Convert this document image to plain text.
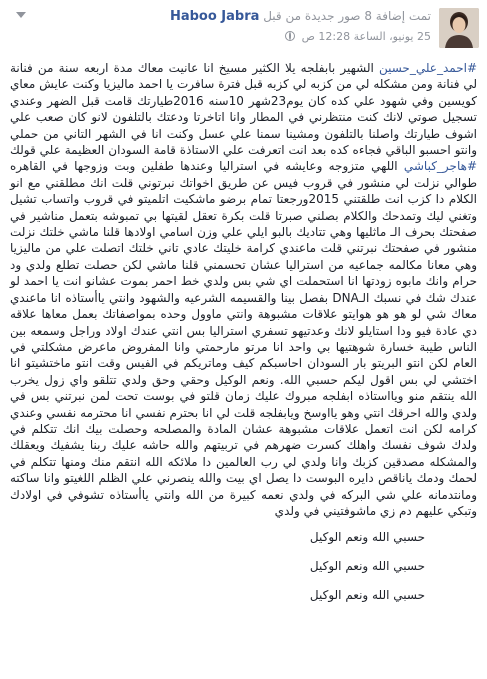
تمت إضافة 8 صور جديدة من قبل Haboo Jabra
25 يونيو، الساعة 12:28 ص

#احمد_علي_حسين الشهير بابفلجه يلا الكثير مسيخ انا عانيت معاك مدة اربعه سنة من فنانة لي فنانة ومن مشكله لي من كزبه لي كزبه قبل فترة سافرت يا احمد ماليزيا وكنت عايش معاي كويسين وفي شهود علي كده كان يوم23شهر 10سنه 2016طيارتك قامت قبل الضهر وعندي تسجيل صوتي لانك كنت منتظرني في المطار وانا اتاخرتا ودعتك بالتلفون لانو كان صعب علي اشوف طيارتك واصلنا بالتلفون ومشينا سمنا علي عسل وكنت انا في الشهر التاني من حملي وانتو احسبو الباقي فجاءه كده بعد انت اتعرفت علي الاستاذة قامة السودان العظيمة علي قولك #هاجر_كباشي اللهي متزوجه وعايشه في استراليا وعندها طفلين وبت وزوجها في القاهره طوالي نزلت لي منشور في قروب فيس عن طريق اخواتك نبرتوني قلت انك مطلقني مع انو الكلام دا كزب انت طلقتني 2015ورجعتا تمام برضو ماشكيت اتلميتو في قروب واتساب تشيل وتغني ليك وتمدحك والكلام بصلني صبرتا قلت بكرة تعقل لقيتها بي تمبوشه بتعمل مناشير في صفحتك بحرف الـ ماثليها وهي تتاديك بالبو ايلي علي وزن اسامي اولادها قلنا ماشي خلتك نزلت منشور في صفحتك نبرتني قلت ماعندي كرامة خليتك عادي تاني خلتك اتصلت علي من ماليزيا وهي معانا مكالمه جماعيه من استراليا عشان تحسمني قلنا ماشي لكن حصلت تطلع ولدي ود حرام وانك مابوه زودتها انا استحملت اي شي بس ولدي خط احمر بموت عشانو انت يا احمد لو عندك شك في نسبك الـDNA بفصل بينا والقسيمه الشرعيه والشهود وانتي ياأستاذه انا ماعندي معاك شي لو هو هو هوايتو علاقات مشبوهة وانتي ماوول وحده بمواصفاتك بعمل معاها علاقه دي عادة فيو ودا استايلو لانك وعدتيهو تسفري استراليا بس انتي عندك اولاد وراجل وسمعه بين الناس طيبة خسارة شوهتيها بي واحد انا مرتو مارحمتي وانا المفروض ماعرض مشكلتي في العام لكن انتو البريتو بار السودان احاسبكم كيف وماتريكم في الفيس وقت انتو ماختشيتو انا اختشي لي بس اقول ليكم حسبي الله. ونعم الوكيل وحقي وحق ولدي تتلقو واي زول يخرب الله ينتقم منو ويااستاذه ابفلجه مبروك عليك زمان قلتو في بوست تحت لمن نبرتني بس في ولدي والله احرقك انتي وهو يااوسخ ويابفلجه قلت لي انا بحترم نفسي انا محترمه نفسي وعندي كرامه لكن انت اتعمل علاقات مشبوهة عشان المادة والمصلحه وحصلت بيك انك تتكلم في ولدك شوف نفسك واهلك كسرت ضهرهم في تربيتهم والله حاشه عليك ربنا يشفيك ويعقلك والمشكله مصدقين كزبك وانا ولدي لي رب العالمين دا ملائكه الله انتقم منك ومنها تتكلم في لحمك ودمك ياناقص دايره البوست دا يصل اي بيت والله ينصرني علي الظلم اللغيتو وانا ساكته ومانتدمانه علي شي البركه في ولدي نعمه كبيرة من الله وانتي ياأستاذه تشوفي في اولادك وتبكي عليهم دم زي ماشوفتيني في ولدي

حسبي الله ونعم الوكيل

حسبي الله ونعم الوكيل

حسبي الله ونعم الوكيل
